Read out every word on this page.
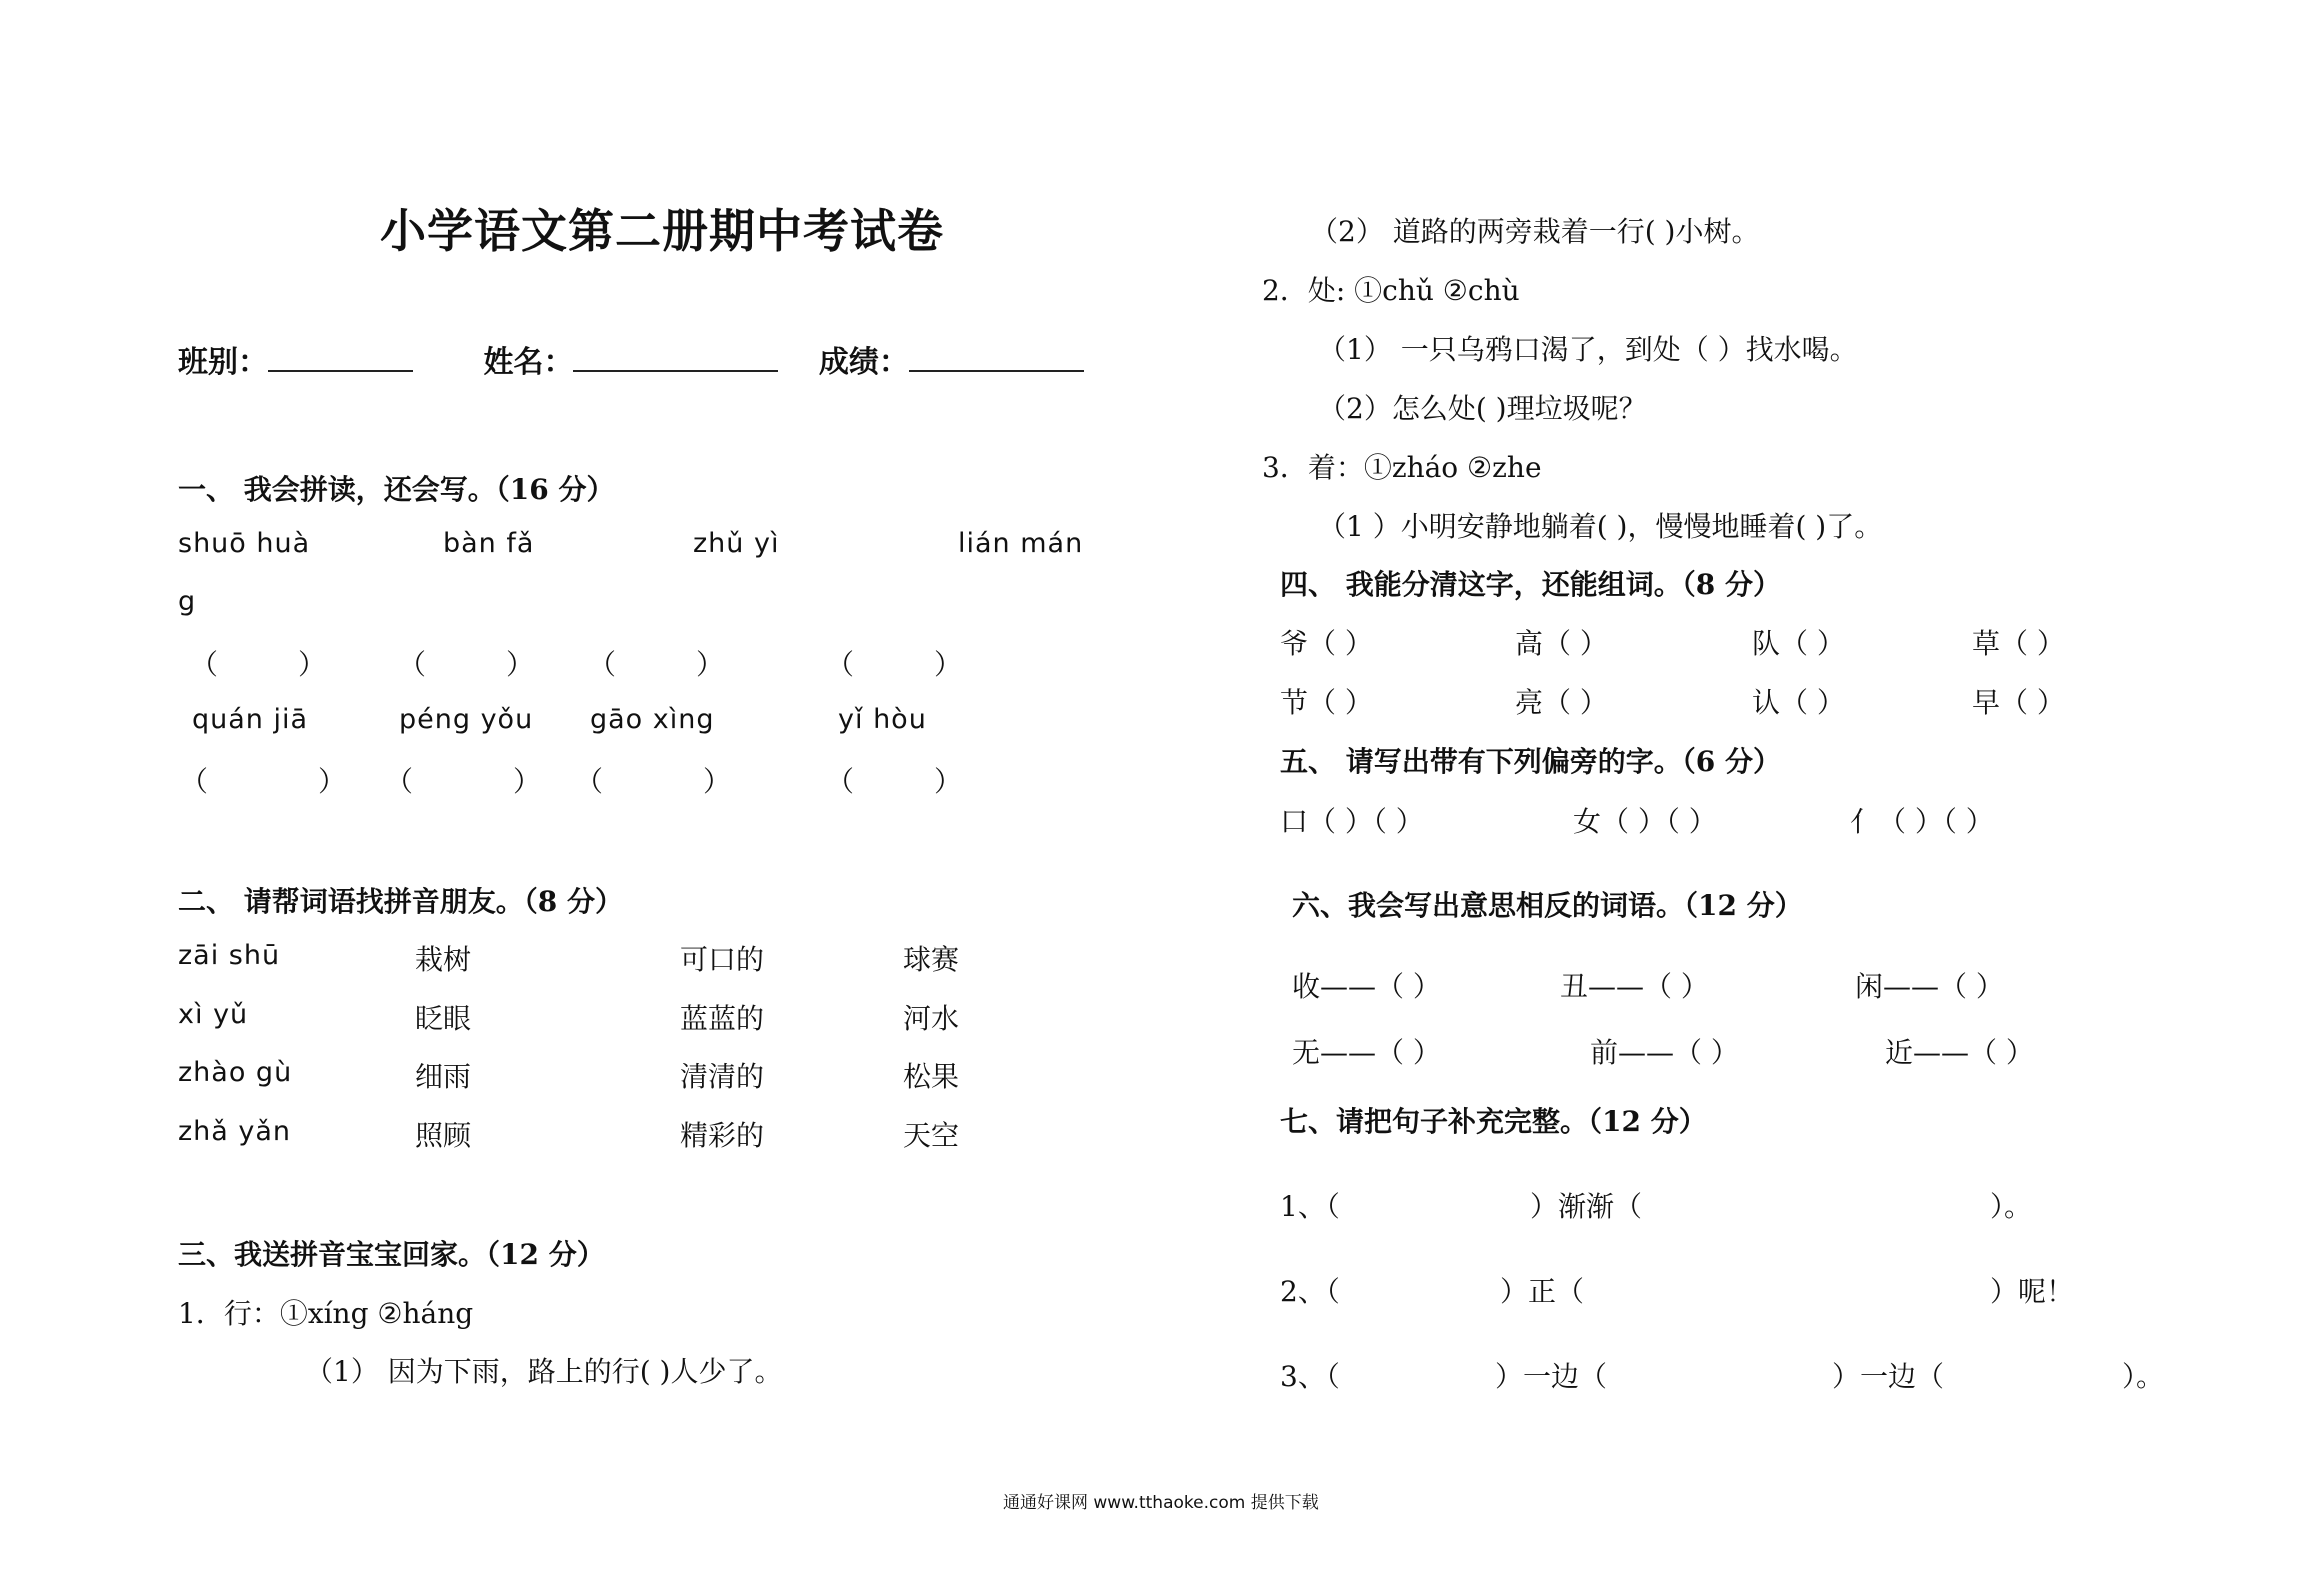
小学语文第二册期中考试卷
班别：	姓名：	成绩：
一、 我会拼读，还会写。（16 分）
shuō huà	bàn fǎ	zhǔ yì	lián mán
g
（	）	（	） （	）	（	）
quán jiā	péng yǒu gāo xìng	yǐ hòu
（	） （	） （	）	（	）
二、 请帮词语找拼音朋友。（8 分）
zāi shū	栽树	可口的	球赛
xì yǔ	眨眼	蓝蓝的	河水
zhào gù	细雨	清清的	松果
zhǎ yǎn	照顾	精彩的	天空
三、我送拼音宝宝回家。（12 分）
1．行：①xíng ②háng
（1） 因为下雨，路上的行( )人少了。
（2） 道路的两旁栽着一行( )小树。
2．处: ①chǔ ②chù
（1） 一只乌鸦口渴了，到处（ ）找水喝。
（2）怎么处( )理垃圾呢？
3．着：①zháo ②zhe
（1 ）小明安静地躺着( )，慢慢地睡着( )了。
四、 我能分清这字，还能组词。（8 分）
爷（ ）	高（ ）	队（ ）	草（ ）
节（ ）	亮（ ）	认（ ）	早（ ）
五、 请写出带有下列偏旁的字。（6 分）
口（ ）（ ）	女（ ）（ ）	亻（ ）（ ）
六、我会写出意思相反的词语。（12 分）
收——（ ）	丑——（ ）	闲——（ ）
无——（ ）	前——（ ）	近——（ ）
七、请把句子补充完整。（12 分）
1、（	）渐渐（	）。
2、（	）正（	）呢！
3、（	）一边（	）一边（	）。
通通好课网 www.tthaoke.com 提供下载
